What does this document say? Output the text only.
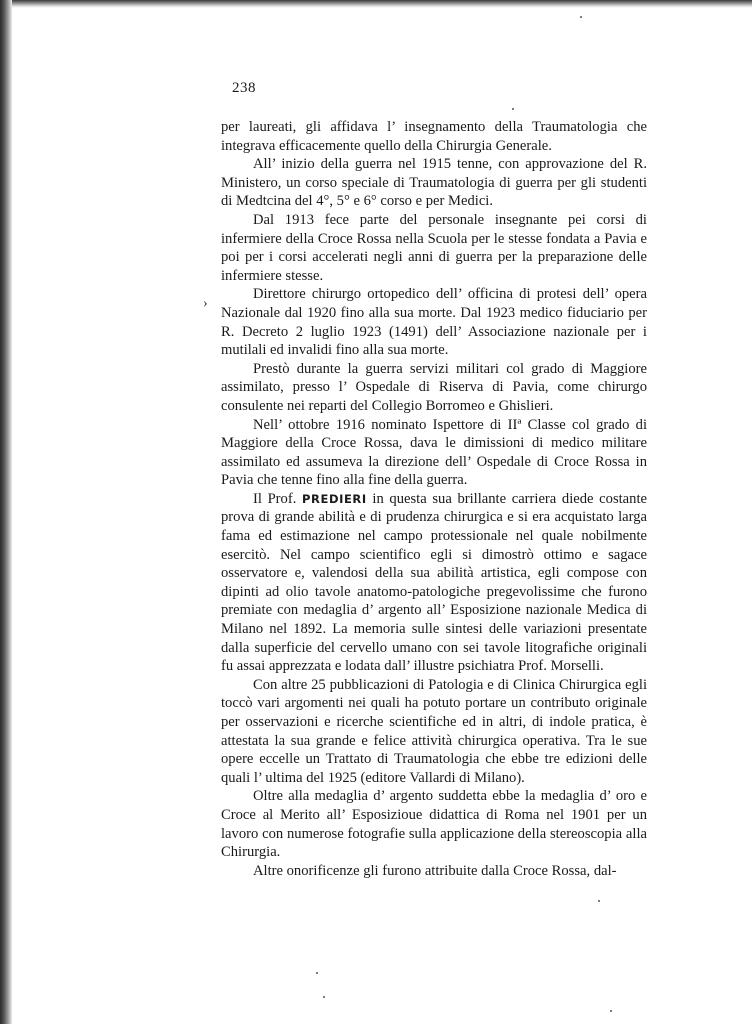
238
›

per laureati, gli affidava l’ insegnamento della Traumatologia che integrava efficacemente quello della Chirurgia Generale.

All’ inizio della guerra nel 1915 tenne, con approvazione del R. Ministero, un corso speciale di Traumatologia di guerra per gli studenti di Medtcina del 4°, 5° e 6° corso e per Medici.

Dal 1913 fece parte del personale insegnante pei corsi di infermiere della Croce Rossa nella Scuola per le stesse fondata a Pavia e poi per i corsi accelerati negli anni di guerra per la preparazione delle infermiere stesse.

Direttore chirurgo ortopedico dell’ officina di protesi dell’ opera Nazionale dal 1920 fino alla sua morte. Dal 1923 medico fiduciario per R. Decreto 2 luglio 1923 (1491) dell’ Associazione nazionale per i mutilali ed invalidi fino alla sua morte.

Prestò durante la guerra servizi militari col grado di Maggiore assimilato, presso l’ Ospedale di Riserva di Pavia, come chirurgo consulente nei reparti del Collegio Borromeo e Ghislieri.

Nell’ ottobre 1916 nominato Ispettore di IIª Classe col grado di Maggiore della Croce Rossa, dava le dimissioni di medico militare assimilato ed assumeva la direzione dell’ Ospedale di Croce Rossa in Pavia che tenne fino alla fine della guerra.

Il Prof. PREDIERI in questa sua brillante carriera diede costante prova di grande abilità e di prudenza chirurgica e si era acquistato larga fama ed estimazione nel campo protessionale nel quale nobilmente esercitò. Nel campo scientifico egli si dimostrò ottimo e sagace osservatore e, valendosi della sua abilità artistica, egli compose con dipinti ad olio tavole anatomo-patologiche pregevolissime che furono premiate con medaglia d’ argento all’ Esposizione nazionale Medica di Milano nel 1892. La memoria sulle sintesi delle variazioni presentate dalla superficie del cervello umano con sei tavole litografiche originali fu assai apprezzata e lodata dall’ illustre psichiatra Prof. Morselli.

Con altre 25 pubblicazioni di Patologia e di Clinica Chirurgica egli toccò vari argomenti nei quali ha potuto portare un contributo originale per osservazioni e ricerche scientifiche ed in altri, di indole pratica, è attestata la sua grande e felice attività chirurgica operativa. Tra le sue opere eccelle un Trattato di Traumatologia che ebbe tre edizioni delle quali l’ ultima del 1925 (editore Vallardi di Milano).

Oltre alla medaglia d’ argento suddetta ebbe la medaglia d’ oro e Croce al Merito all’ Esposizioue didattica di Roma nel 1901 per un lavoro con numerose fotografie sulla applicazione della stereoscopia alla Chirurgia.

Altre onorificenze gli furono attribuite dalla Croce Rossa, dal-
